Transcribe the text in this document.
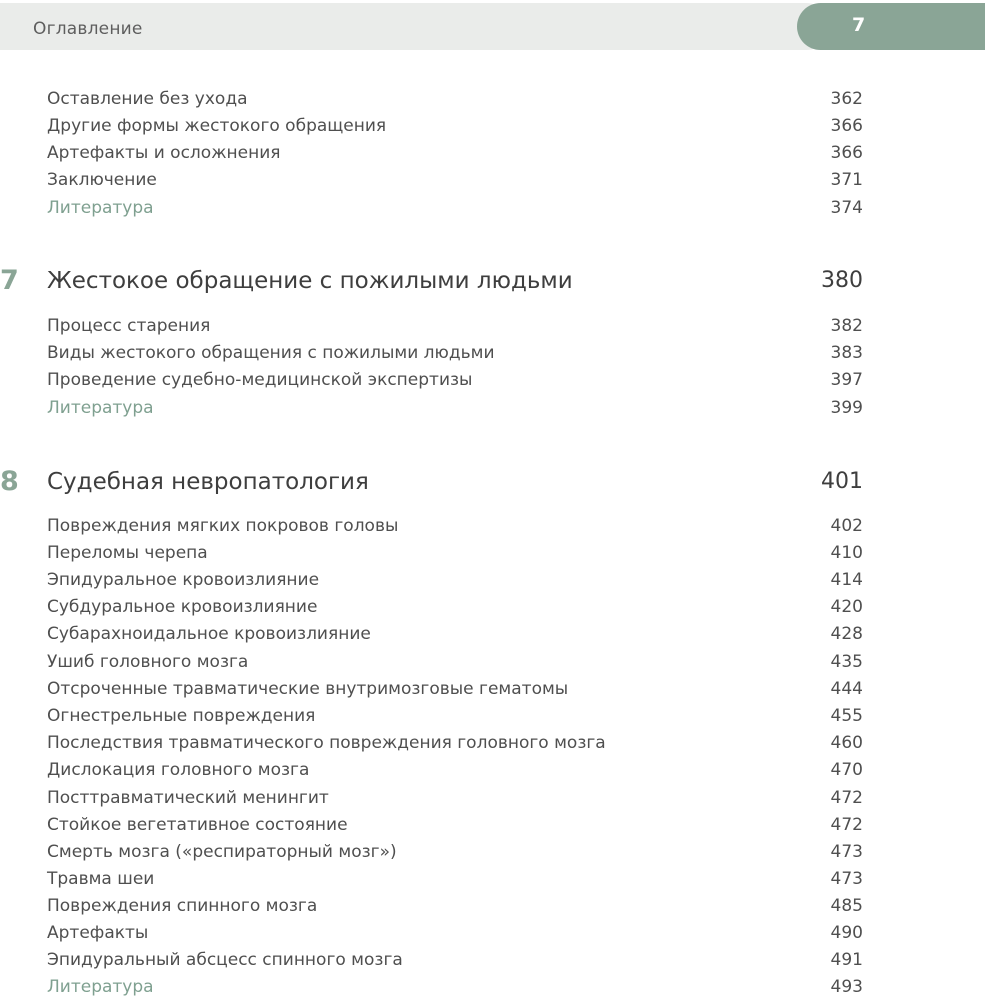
Оглавление	7
Оставление без ухода	362
Другие формы жестокого обращения	366
Артефакты и осложнения	366
Заключение	371
Литература	374
7 Жестокое обращение с пожилыми людьми	380
Процесс старения	382
Виды жестокого обращения с пожилыми людьми	383
Проведение судебно-медицинской экспертизы	397
Литература	399
8 Судебная невропатология	401
Повреждения мягких покровов головы	402
Переломы черепа	410
Эпидуральное кровоизлияние	414
Субдуральное кровоизлияние	420
Субарахноидальное кровоизлияние	428
Ушиб головного мозга	435
Отсроченные травматические внутримозговые гематомы	444
Огнестрельные повреждения	455
Последствия травматического повреждения головного мозга	460
Дислокация головного мозга	470
Посттравматический менингит	472
Стойкое вегетативное состояние	472
Смерть мозга («респираторный мозг»)	473
Травма шеи	473
Повреждения спинного мозга	485
Артефакты	490
Эпидуральный абсцесс спинного мозга	491
Литература	493
